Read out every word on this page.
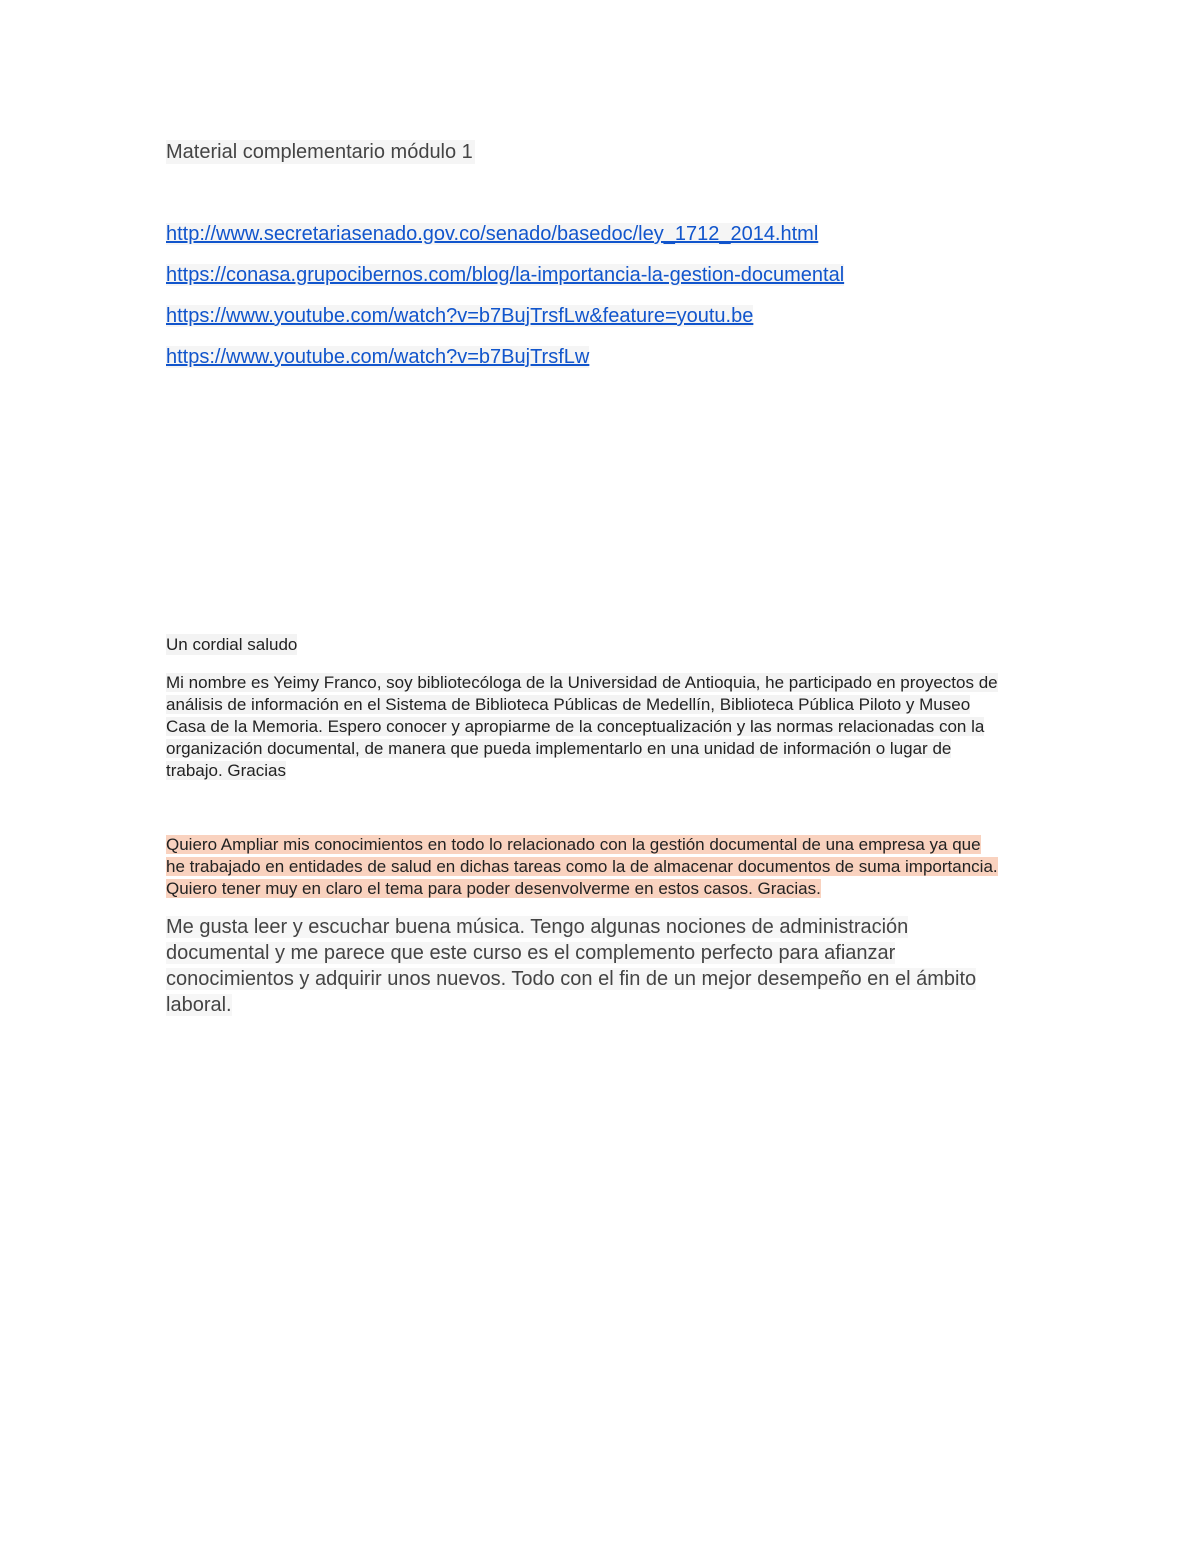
Material complementario módulo 1
http://www.secretariasenado.gov.co/senado/basedoc/ley_1712_2014.html
https://conasa.grupocibernos.com/blog/la-importancia-la-gestion-documental
https://www.youtube.com/watch?v=b7BujTrsfLw&feature=youtu.be
https://www.youtube.com/watch?v=b7BujTrsfLw
Un cordial saludo
Mi nombre es Yeimy Franco, soy bibliotecóloga de la Universidad de Antioquia, he participado en proyectos de
análisis de información en el Sistema de Biblioteca Públicas de Medellín, Biblioteca Pública Piloto y Museo
Casa de la Memoria. Espero conocer y apropiarme de la conceptualización y las normas relacionadas con la
organización documental, de manera que pueda implementarlo en una unidad de información o lugar de
trabajo. Gracias
Quiero Ampliar mis conocimientos en todo lo relacionado con la gestión documental de una empresa ya que
he trabajado en entidades de salud en dichas tareas como la de almacenar documentos de suma importancia.
Quiero tener muy en claro el tema para poder desenvolverme en estos casos. Gracias.
Me gusta leer y escuchar buena música. Tengo algunas nociones de administración
documental y me parece que este curso es el complemento perfecto para afianzar
conocimientos y adquirir unos nuevos. Todo con el fin de un mejor desempeño en el ámbito
laboral.
